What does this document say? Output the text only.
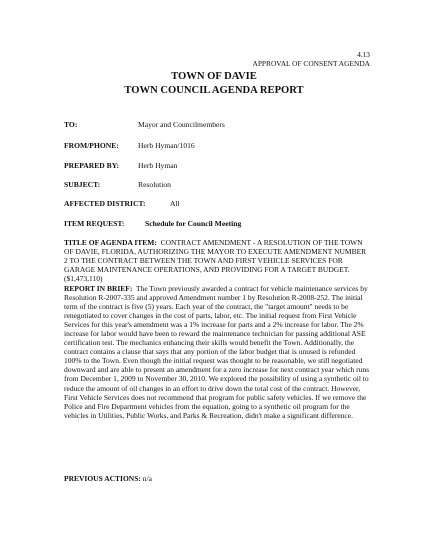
4.13
APPROVAL OF CONSENT AGENDA
TOWN OF DAVIE
TOWN COUNCIL AGENDA REPORT
TO:	Mayor and Councilmembers
FROM/PHONE:	Herb Hyman/1016
PREPARED BY: Herb Hyman
SUBJECT:	Resolution
AFFECTED DISTRICT:	All
ITEM REQUEST:	Schedule for Council Meeting

TITLE OF AGENDA ITEM: CONTRACT AMENDMENT - A RESOLUTION OF THE TOWN OF DAVIE, FLORIDA, AUTHORIZING THE MAYOR TO EXECUTE AMENDMENT NUMBER 2 TO THE CONTRACT BETWEEN THE TOWN AND FIRST VEHICLE SERVICES FOR GARAGE MAINTENANCE OPERATIONS, AND PROVIDING FOR A TARGET BUDGET. ($1,473,110)

REPORT IN BRIEF: The Town previously awarded a contract for vehicle maintenance services by Resolution R-2007-335 and approved Amendment number 1 by Resolution R-2008-252. The initial term of the contract is five (5) years. Each year of the contract, the "target amount" needs to be renegotiated to cover changes in the cost of parts, labor, etc. The initial request from First Vehicle Services for this year's amendment was a 1% increase for parts and a 2% increase for labor. The 2% increase for labor would have been to reward the maintenance technician for passing additional ASE certification test. The mechanics enhancing their skills would benefit the Town. Additionally, the contract contains a clause that says that any portion of the labor budget that is unused is refunded 100% to the Town. Even though the initial request was thought to be reasonable, we still negotiated downward and are able to present an amendment for a zero increase for next contract year which runs from December 1, 2009 to November 30, 2010. We explored the possibility of using a synthetic oil to reduce the amount of oil changes in an effort to drive down the total cost of the contract. However, First Vehicle Services does not recommend that program for public safety vehicles. If we remove the Police and Fire Department vehicles from the equation, going to a synthetic oil program for the vehicles in Utilities, Public Works, and Parks & Recreation, didn't make a significant difference.

PREVIOUS ACTIONS: n/a
